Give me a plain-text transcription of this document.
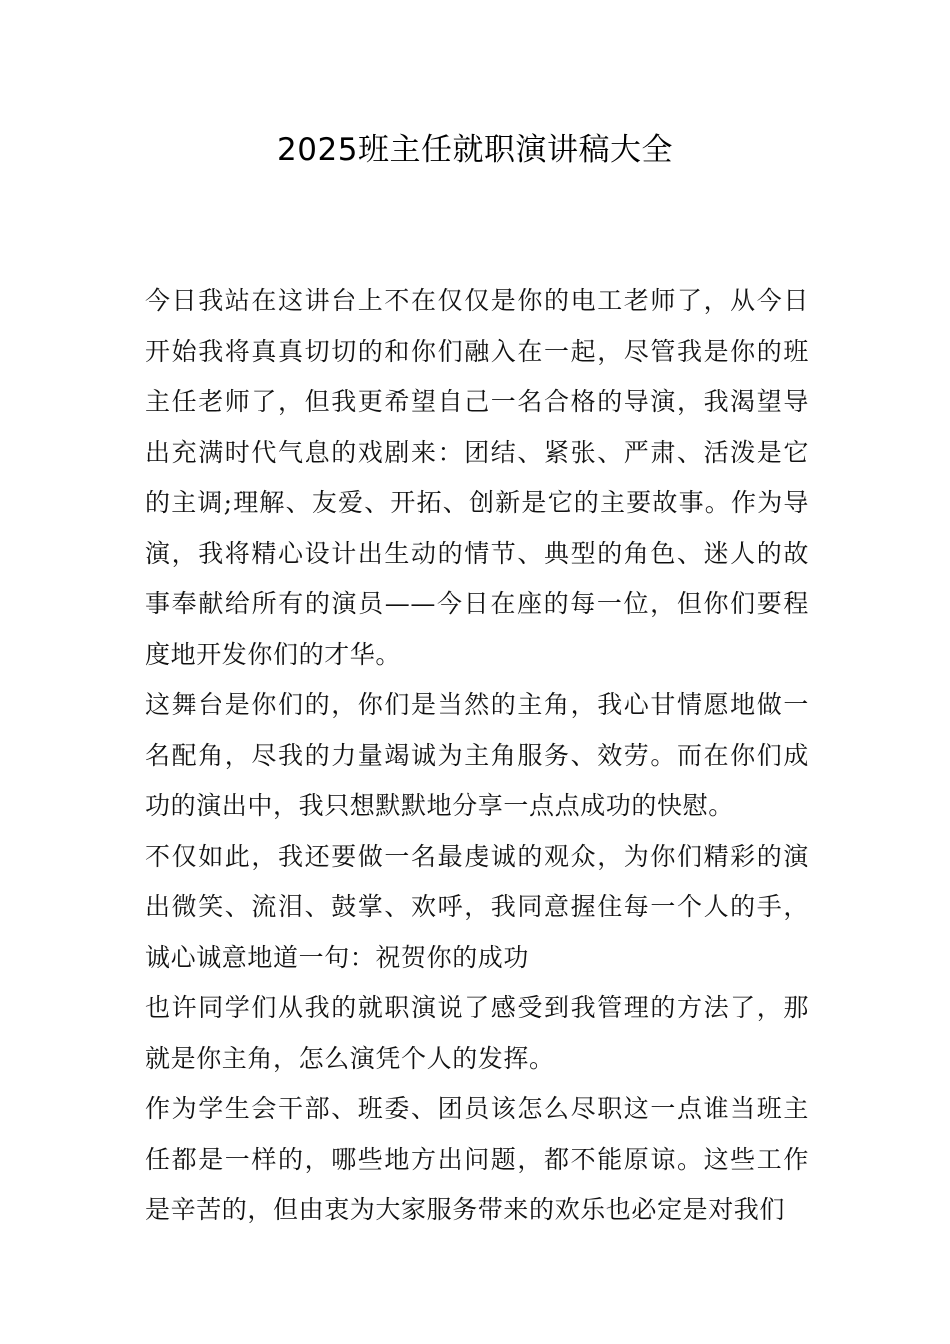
2025班主任就职演讲稿大全

今日我站在这讲台上不在仅仅是你的电工老师了，从今日开始我将真真切切的和你们融入在一起，尽管我是你的班主任老师了，但我更希望自己一名合格的导演，我渴望导出充满时代气息的戏剧来：团结、紧张、严肃、活泼是它的主调;理解、友爱、开拓、创新是它的主要故事。作为导演，我将精心设计出生动的情节、典型的角色、迷人的故事奉献给所有的演员——今日在座的每一位，但你们要程度地开发你们的才华。

这舞台是你们的，你们是当然的主角，我心甘情愿地做一名配角，尽我的力量竭诚为主角服务、效劳。而在你们成功的演出中，我只想默默地分享一点点成功的快慰。

不仅如此，我还要做一名最虔诚的观众，为你们精彩的演出微笑、流泪、鼓掌、欢呼，我同意握住每一个人的手，诚心诚意地道一句：祝贺你的成功

也许同学们从我的就职演说了感受到我管理的方法了，那就是你主角，怎么演凭个人的发挥。

作为学生会干部、班委、团员该怎么尽职这一点谁当班主任都是一样的，哪些地方出问题，都不能原谅。这些工作是辛苦的，但由衷为大家服务带来的欢乐也必定是对我们
